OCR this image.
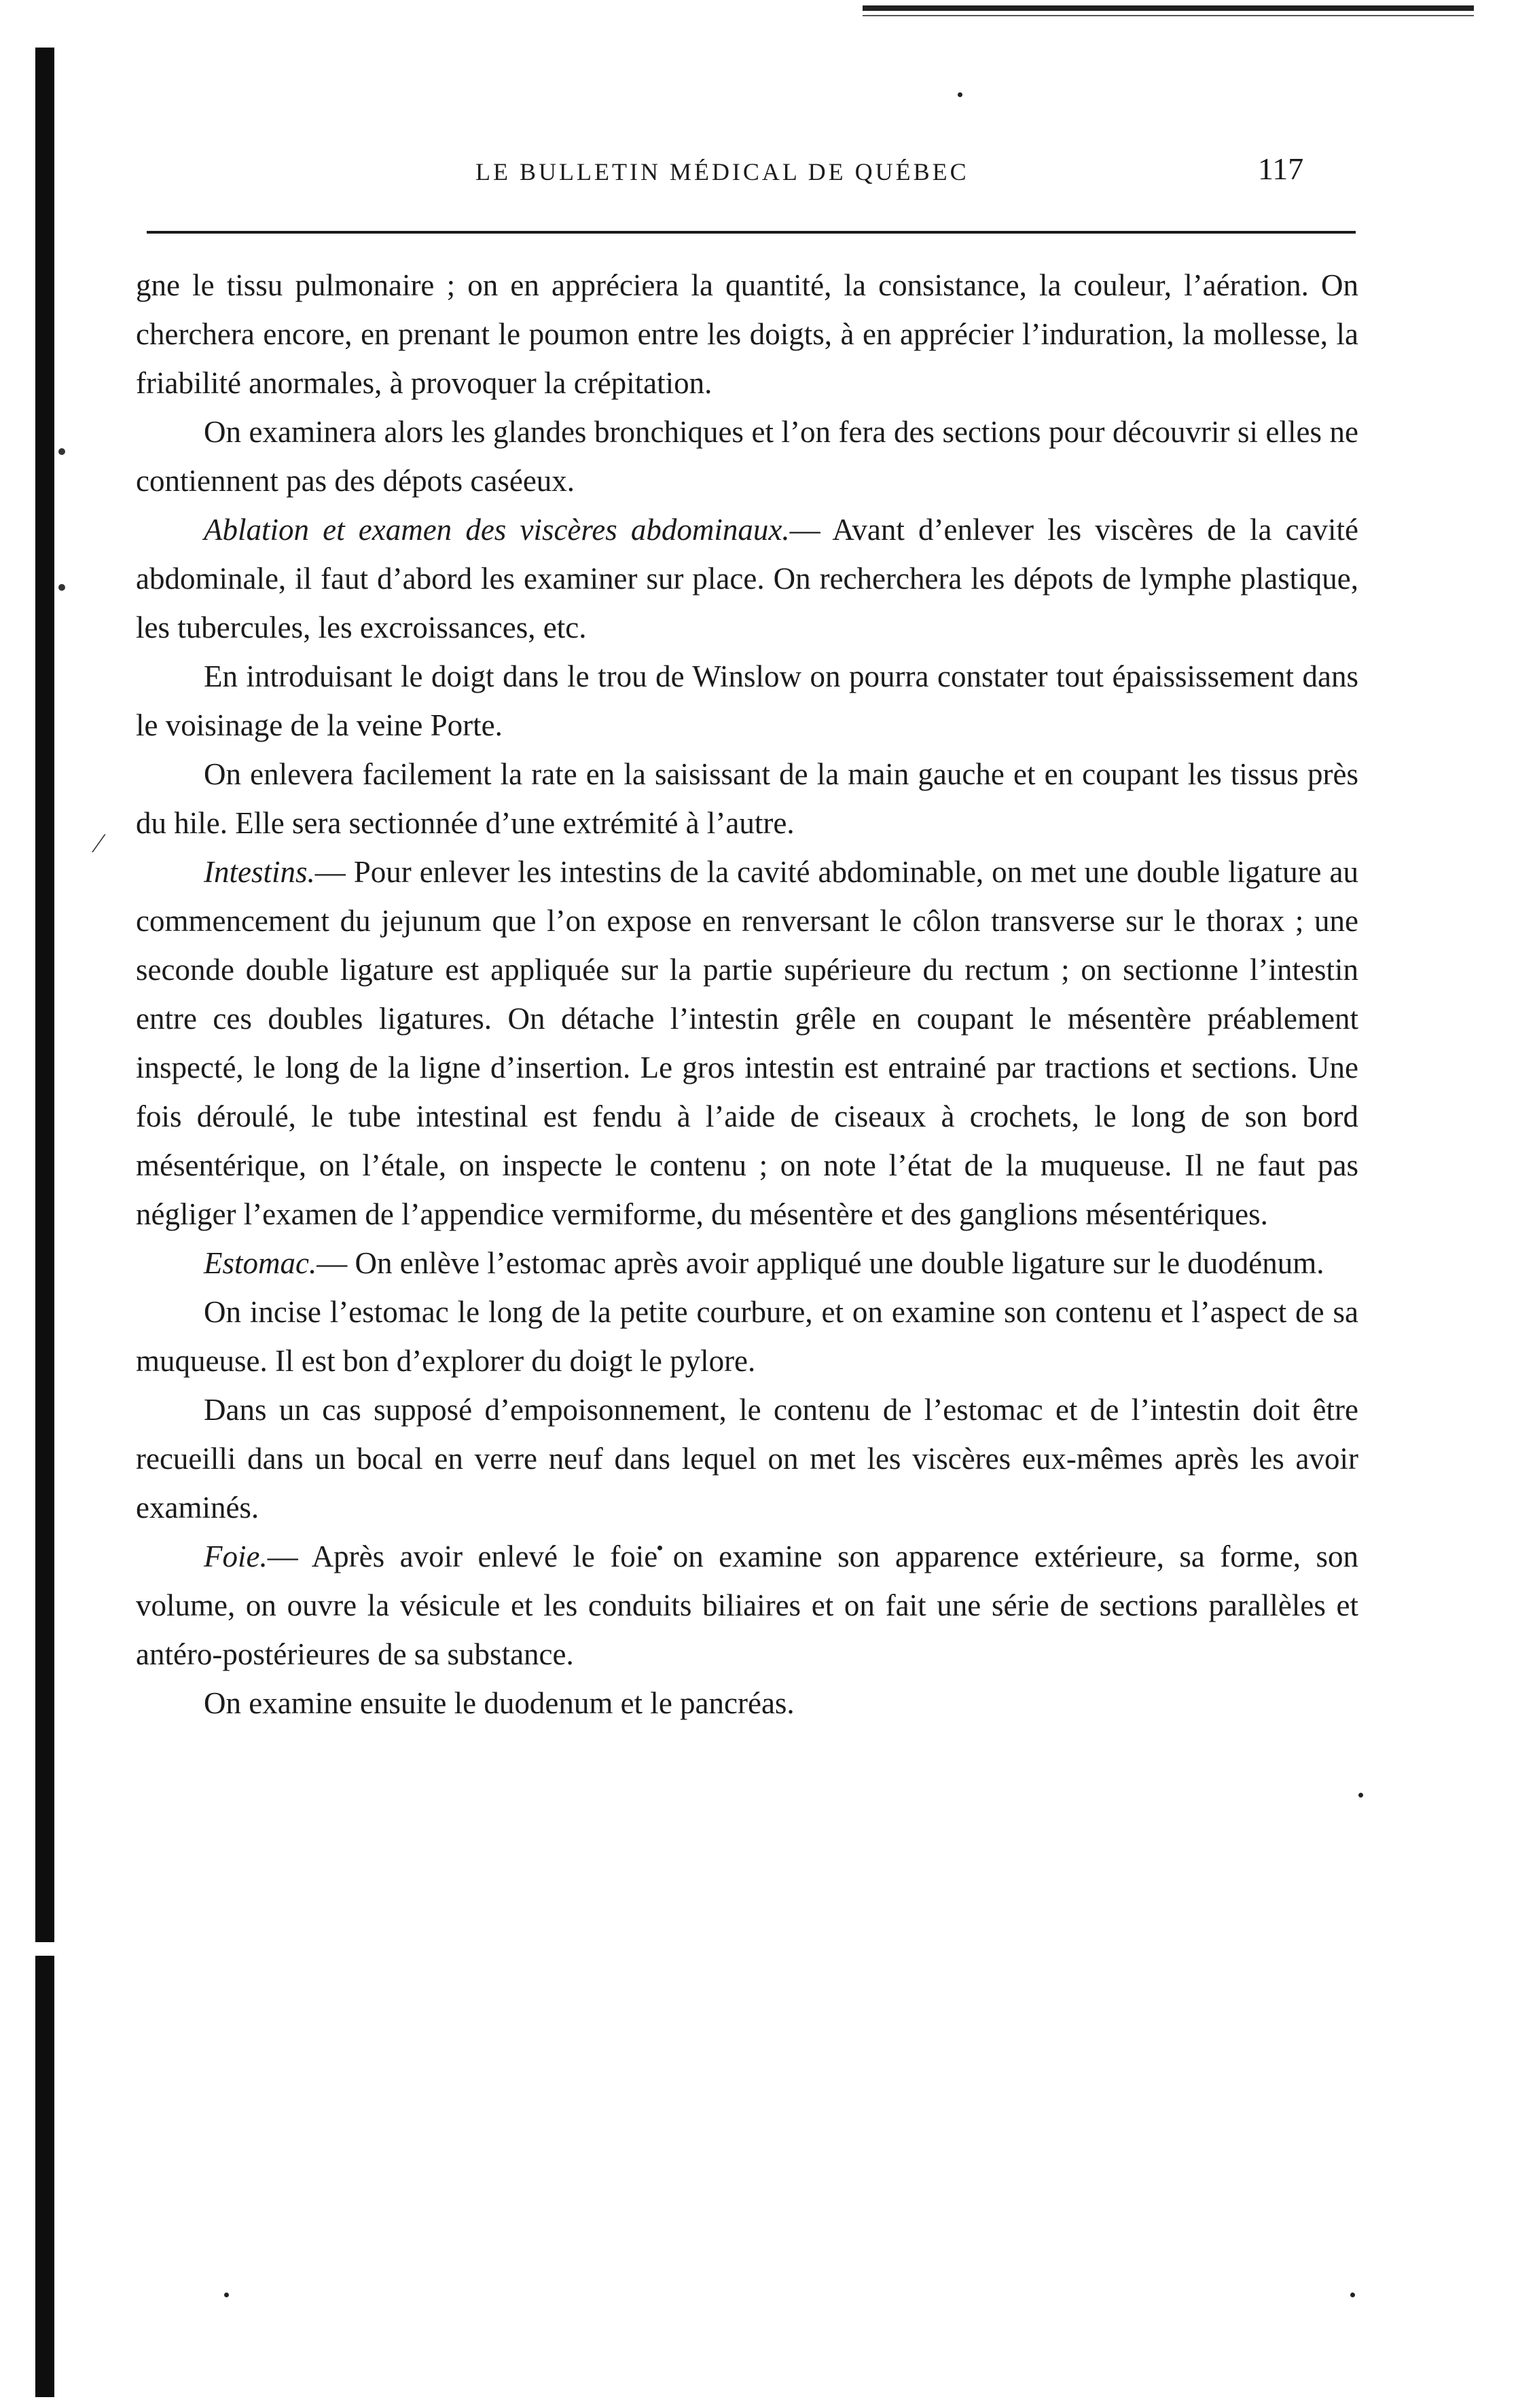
⁄
LE BULLETIN MÉDICAL DE QUÉBEC	117

gne le tissu pulmonaire ; on en appréciera la quantité, la consistance, la couleur, l’aération. On cherchera encore, en prenant le poumon entre les doigts, à en apprécier l’induration, la mollesse, la friabilité anormales, à provoquer la crépitation.

On examinera alors les glandes bronchiques et l’on fera des sections pour découvrir si elles ne contiennent pas des dépots caséeux.

Ablation et examen des viscères abdominaux.— Avant d’enlever les viscères de la cavité abdominale, il faut d’abord les examiner sur place. On recherchera les dépots de lymphe plastique, les tubercules, les excroissances, etc.

En introduisant le doigt dans le trou de Winslow on pourra constater tout épaississement dans le voisinage de la veine Porte.

On enlevera facilement la rate en la saisissant de la main gauche et en coupant les tissus près du hile. Elle sera sectionnée d’une extrémité à l’autre.

Intestins.— Pour enlever les intestins de la cavité abdominable, on met une double ligature au commencement du jejunum que l’on expose en renversant le côlon transverse sur le thorax ; une seconde double ligature est appliquée sur la partie supérieure du rectum ; on sectionne l’intestin entre ces doubles ligatures. On détache l’intestin grêle en coupant le mésentère préablement inspecté, le long de la ligne d’insertion. Le gros intestin est entrainé par tractions et sections. Une fois déroulé, le tube intestinal est fendu à l’aide de ciseaux à crochets, le long de son bord mésentérique, on l’étale, on inspecte le contenu ; on note l’état de la muqueuse. Il ne faut pas négliger l’examen de l’appendice vermiforme, du mésentère et des ganglions mésentériques.

Estomac.— On enlève l’estomac après avoir appliqué une double ligature sur le duodénum.

On incise l’estomac le long de la petite courbure, et on examine son contenu et l’aspect de sa muqueuse. Il est bon d’explorer du doigt le pylore.

Dans un cas supposé d’empoisonnement, le contenu de l’estomac et de l’intestin doit être recueilli dans un bocal en verre neuf dans lequel on met les viscères eux-mêmes après les avoir examinés.

Foie.— Après avoir enlevé le foie on examine son apparence extérieure, sa forme, son volume, on ouvre la vésicule et les conduits biliaires et on fait une série de sections parallèles et antéro-postérieures de sa substance.

On examine ensuite le duodenum et le pancréas.
